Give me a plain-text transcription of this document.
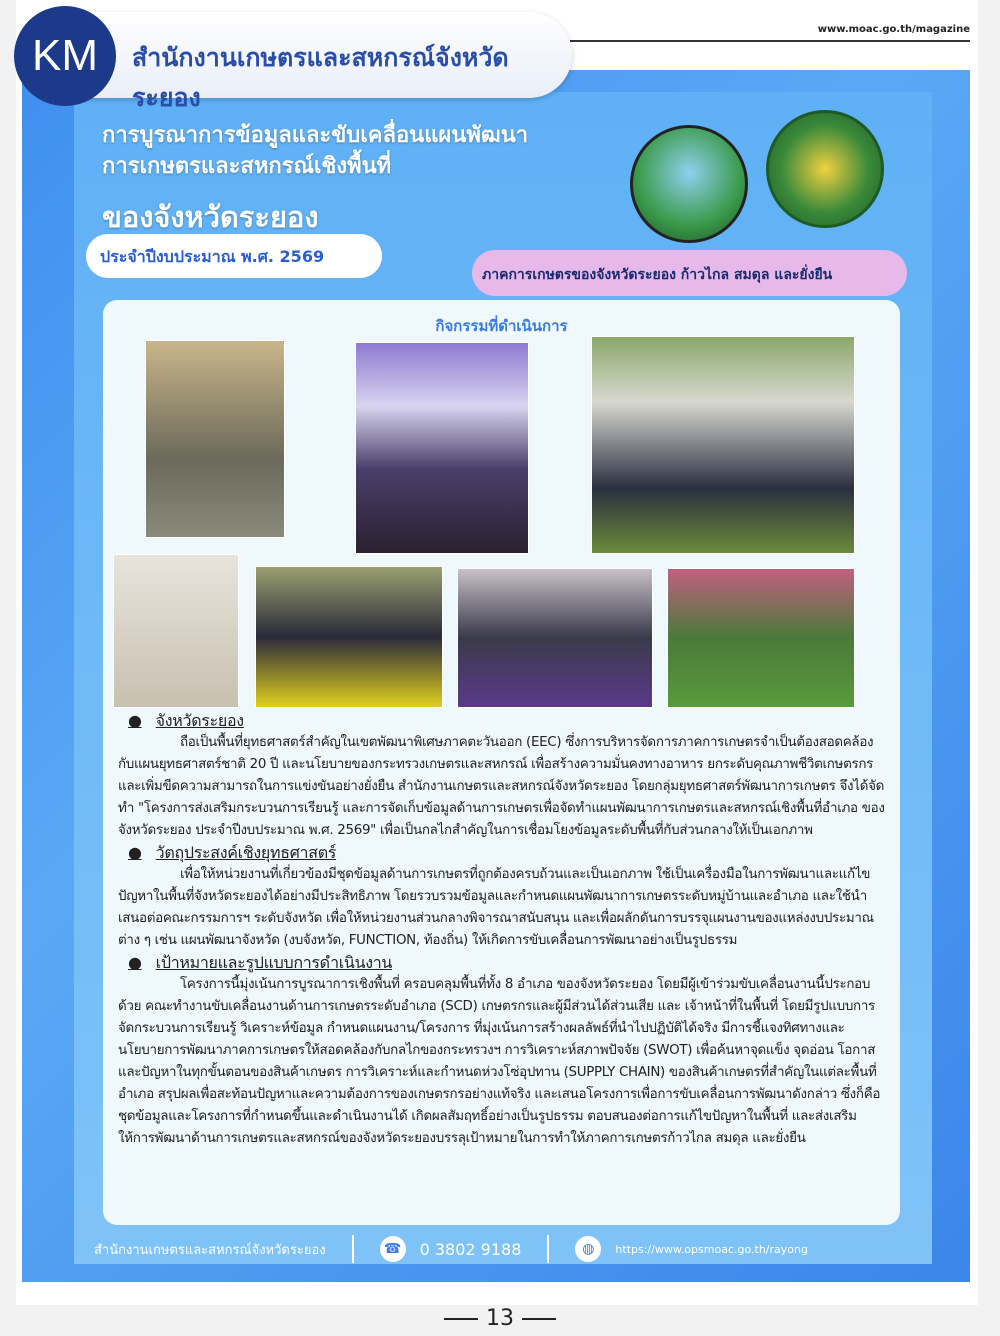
KM	สำนักงานเกษตรและสหกรณ์จังหวัดระยอง
www.moac.go.th/magazine
การบูรณาการข้อมูลและขับเคลื่อนแผนพัฒนา
การเกษตรและสหกรณ์เชิงพื้นที่
ของจังหวัดระยอง
ประจำปีงบประมาณ พ.ศ. 2569
ภาคการเกษตรของจังหวัดระยอง ก้าวไกล สมดุล และยั่งยืน
กิจกรรมที่ดำเนินการ
● จังหวัดระยอง

ถือเป็นพื้นที่ยุทธศาสตร์สำคัญในเขตพัฒนาพิเศษภาคตะวันออก (EEC) ซึ่งการบริหารจัดการภาคการเกษตรจำเป็นต้องสอดคล้องกับแผนยุทธศาสตร์ชาติ 20 ปี และนโยบายของกระทรวงเกษตรและสหกรณ์ เพื่อสร้างความมั่นคงทางอาหาร ยกระดับคุณภาพชีวิตเกษตรกร และเพิ่มขีดความสามารถในการแข่งขันอย่างยั่งยืน สำนักงานเกษตรและสหกรณ์จังหวัดระยอง โดยกลุ่มยุทธศาสตร์พัฒนาการเกษตร จึงได้จัดทำ "โครงการส่งเสริมกระบวนการเรียนรู้ และการจัดเก็บข้อมูลด้านการเกษตรเพื่อจัดทำแผนพัฒนาการเกษตรและสหกรณ์เชิงพื้นที่อำเภอ ของจังหวัดระยอง ประจำปีงบประมาณ พ.ศ. 2569" เพื่อเป็นกลไกสำคัญในการเชื่อมโยงข้อมูลระดับพื้นที่กับส่วนกลางให้เป็นเอกภาพ

● วัตถุประสงค์เชิงยุทธศาสตร์

เพื่อให้หน่วยงานที่เกี่ยวข้องมีชุดข้อมูลด้านการเกษตรที่ถูกต้องครบถ้วนและเป็นเอกภาพ ใช้เป็นเครื่องมือในการพัฒนาและแก้ไขปัญหาในพื้นที่จังหวัดระยองได้อย่างมีประสิทธิภาพ โดยรวบรวมข้อมูลและกำหนดแผนพัฒนาการเกษตรระดับหมู่บ้านและอำเภอ และใช้นำเสนอต่อคณะกรรมการฯ ระดับจังหวัด เพื่อให้หน่วยงานส่วนกลางพิจารณาสนับสนุน และเพื่อผลักดันการบรรจุแผนงานของแหล่งงบประมาณต่าง ๆ เช่น แผนพัฒนาจังหวัด (งบจังหวัด, FUNCTION, ท้องถิ่น) ให้เกิดการขับเคลื่อนการพัฒนาอย่างเป็นรูปธรรม

● เป้าหมายและรูปแบบการดำเนินงาน

โครงการนี้มุ่งเน้นการบูรณาการเชิงพื้นที่ ครอบคลุมพื้นที่ทั้ง 8 อำเภอ ของจังหวัดระยอง โดยมีผู้เข้าร่วมขับเคลื่อนงานนี้ประกอบด้วย คณะทำงานขับเคลื่อนงานด้านการเกษตรระดับอำเภอ (SCD) เกษตรกรและผู้มีส่วนได้ส่วนเสีย และ เจ้าหน้าที่ในพื้นที่ โดยมีรูปแบบการจัดกระบวนการเรียนรู้ วิเคราะห์ข้อมูล กำหนดแผนงาน/โครงการ ที่มุ่งเน้นการสร้างผลลัพธ์ที่นำไปปฏิบัติได้จริง มีการชี้แจงทิศทางและนโยบายการพัฒนาภาคการเกษตรให้สอดคล้องกับกลไกของกระทรวงฯ การวิเคราะห์สภาพปัจจัย (SWOT) เพื่อค้นหาจุดแข็ง จุดอ่อน โอกาส และปัญหาในทุกขั้นตอนของสินค้าเกษตร การวิเคราะห์และกำหนดห่วงโซ่อุปทาน (SUPPLY CHAIN) ของสินค้าเกษตรที่สำคัญในแต่ละพื้นที่อำเภอ สรุปผลเพื่อสะท้อนปัญหาและความต้องการของเกษตรกรอย่างแท้จริง และเสนอโครงการเพื่อการขับเคลื่อนการพัฒนาดังกล่าว ซึ่งก็คือชุดข้อมูลและโครงการที่กำหนดขึ้นและดำเนินงานได้ เกิดผลสัมฤทธิ์อย่างเป็นรูปธรรม ตอบสนองต่อการแก้ไขปัญหาในพื้นที่ และส่งเสริมให้การพัฒนาด้านการเกษตรและสหกรณ์ของจังหวัดระยองบรรลุเป้าหมายในการทำให้ภาคการเกษตรก้าวไกล สมดุล และยั่งยืน

สำนักงานเกษตรและสหกรณ์จังหวัดระยอง	☎ 0 3802 9188	◍	https://www.opsmoac.go.th/rayong
13
